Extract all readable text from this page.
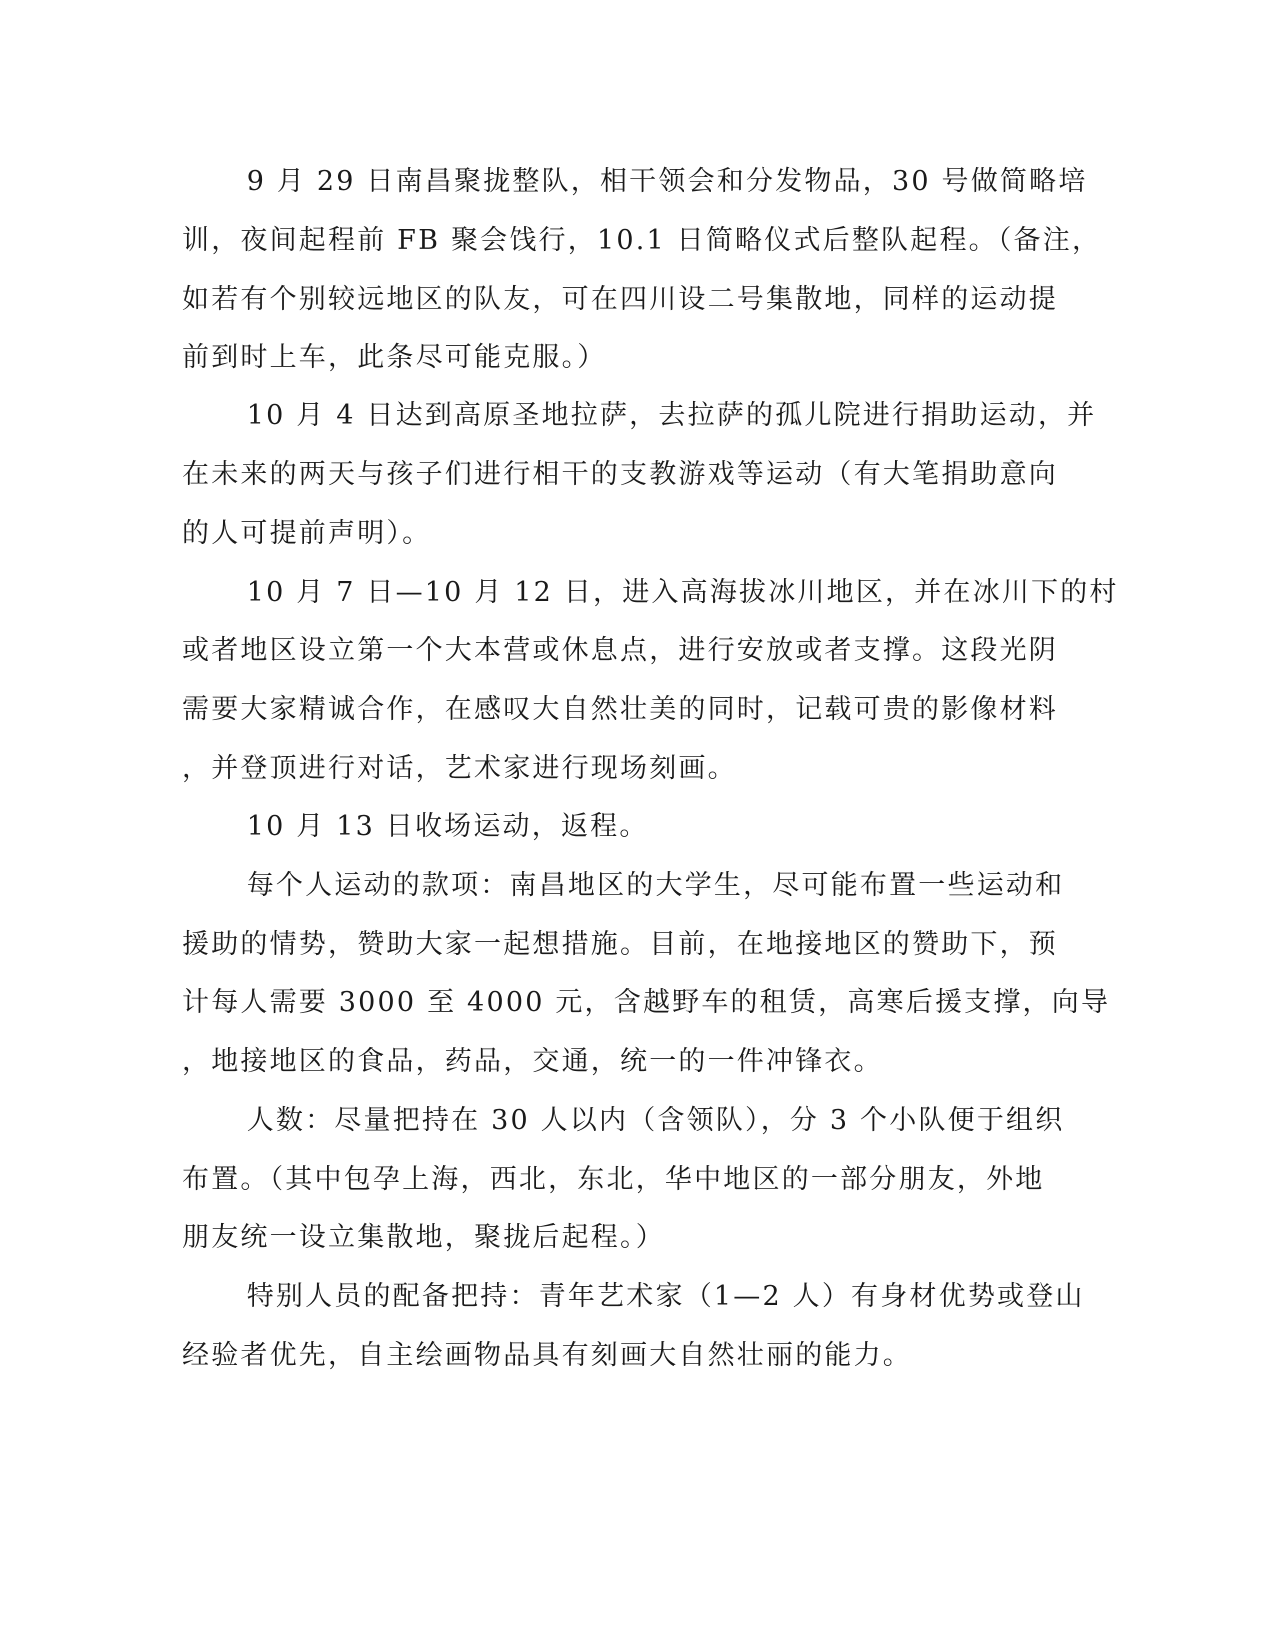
9 月 29 日南昌聚拢整队，相干领会和分发物品，30 号做简略培
训，夜间起程前 FB 聚会饯行，10.1 日简略仪式后整队起程。（备注，
如若有个别较远地区的队友，可在四川设二号集散地，同样的运动提
前到时上车，此条尽可能克服。）
10 月 4 日达到高原圣地拉萨，去拉萨的孤儿院进行捐助运动，并
在未来的两天与孩子们进行相干的支教游戏等运动（有大笔捐助意向
的人可提前声明）。
10 月 7 日—10 月 12 日，进入高海拔冰川地区，并在冰川下的村
或者地区设立第一个大本营或休息点，进行安放或者支撑。这段光阴
需要大家精诚合作，在感叹大自然壮美的同时，记载可贵的影像材料
，并登顶进行对话，艺术家进行现场刻画。
10 月 13 日收场运动，返程。
每个人运动的款项：南昌地区的大学生，尽可能布置一些运动和
援助的情势，赞助大家一起想措施。目前，在地接地区的赞助下，预
计每人需要 3000 至 4000 元，含越野车的租赁，高寒后援支撑，向导
，地接地区的食品，药品，交通，统一的一件冲锋衣。
人数：尽量把持在 30 人以内（含领队），分 3 个小队便于组织
布置。（其中包孕上海，西北，东北，华中地区的一部分朋友，外地
朋友统一设立集散地，聚拢后起程。）
特别人员的配备把持：青年艺术家（1—2 人）有身材优势或登山
经验者优先，自主绘画物品具有刻画大自然壮丽的能力。
